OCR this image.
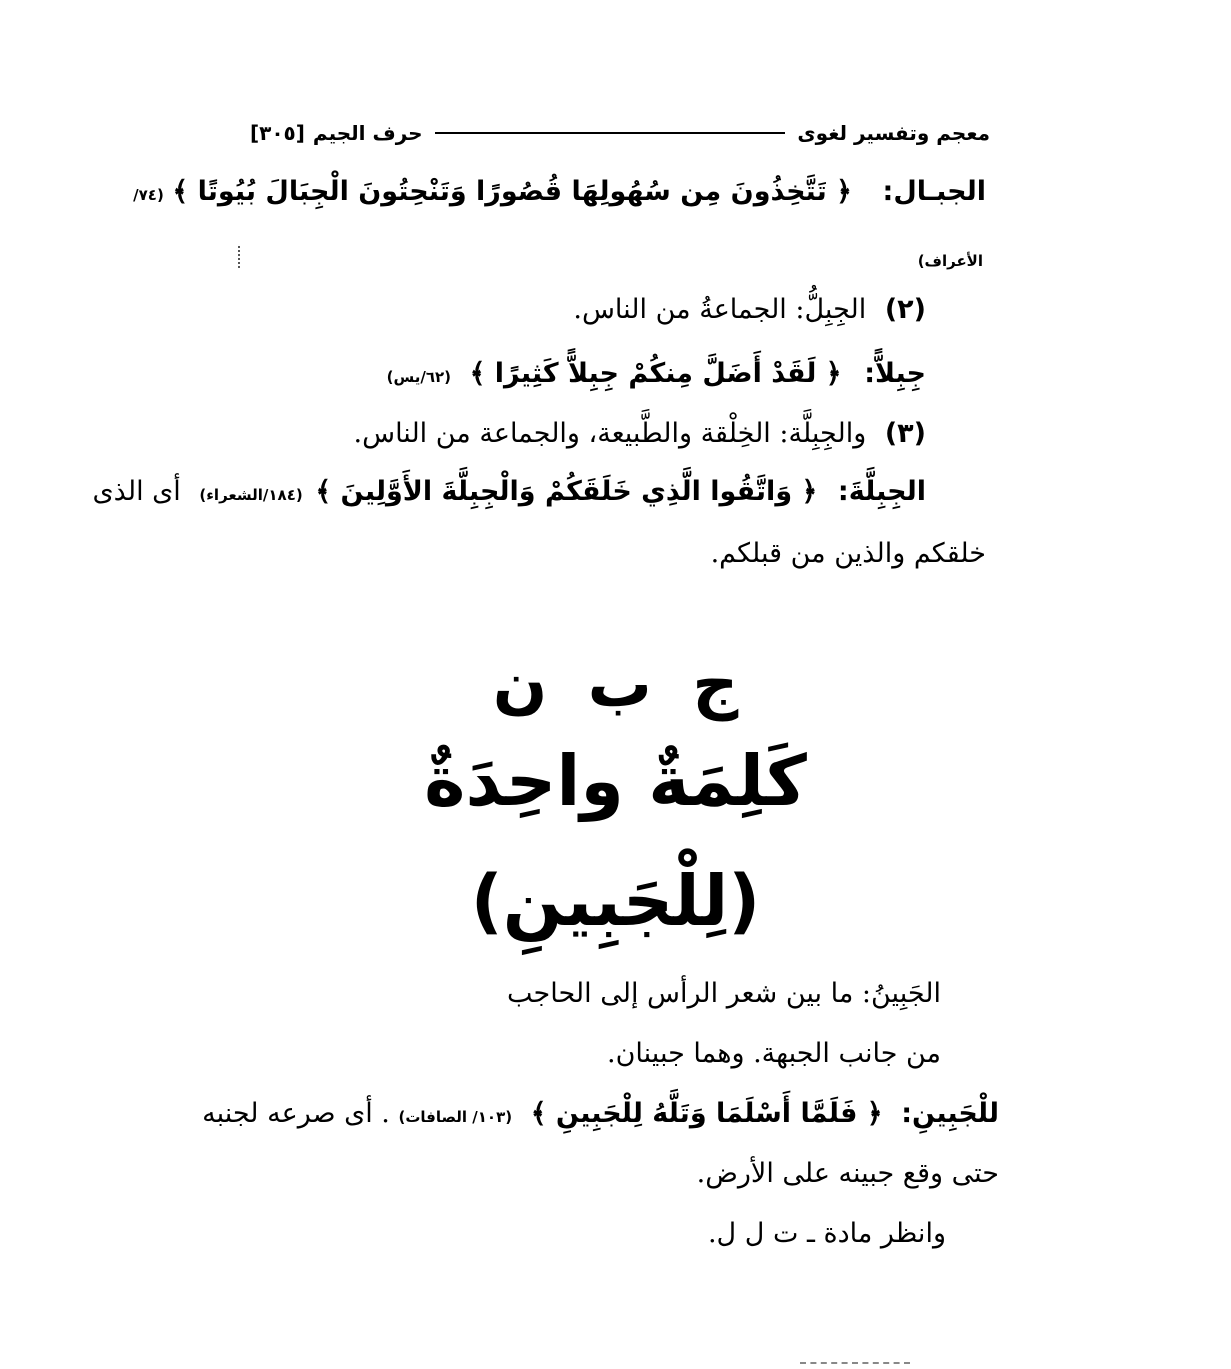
معجم وتفسير لغوى
حرف الجيم
[٣٠٥]
الجبـال: ﴿ تَتَّخِذُونَ مِن سُهُولِهَا قُصُورًا وَتَنْحِتُونَ الْجِبَالَ بُيُوتًا ﴾ (٧٤/
الأعراف)
(٢) الجِبِلُّ: الجماعةُ من الناس.
جِبِلاًّ: ﴿ لَقَدْ أَضَلَّ مِنكُمْ جِبِلاًّ كَثِيرًا ﴾ (٦٢/يس)
(٣) والجِبِلَّة: الخِلْقة والطَّبيعة، والجماعة من الناس.
الجِبِلَّةَ: ﴿ وَاتَّقُوا الَّذِي خَلَقَكُمْ وَالْجِبِلَّةَ الأَوَّلِينَ ﴾ (١٨٤/الشعراء) أى الذى
خلقكم والذين من قبلكم.
ج ب ن
كَلِمَةٌ واحِدَةٌ
(لِلْجَبِينِ)
الجَبِينُ: ما بين شعر الرأس إلى الحاجب
من جانب الجبهة. وهما جبينان.
للْجَبِينِ: ﴿ فَلَمَّا أَسْلَمَا وَتَلَّهُ لِلْجَبِينِ ﴾ (١٠٣/ الصافات) . أى صرعه لجنبه
حتى وقع جبينه على الأرض.
وانظر مادة ـ ت ل ل.
